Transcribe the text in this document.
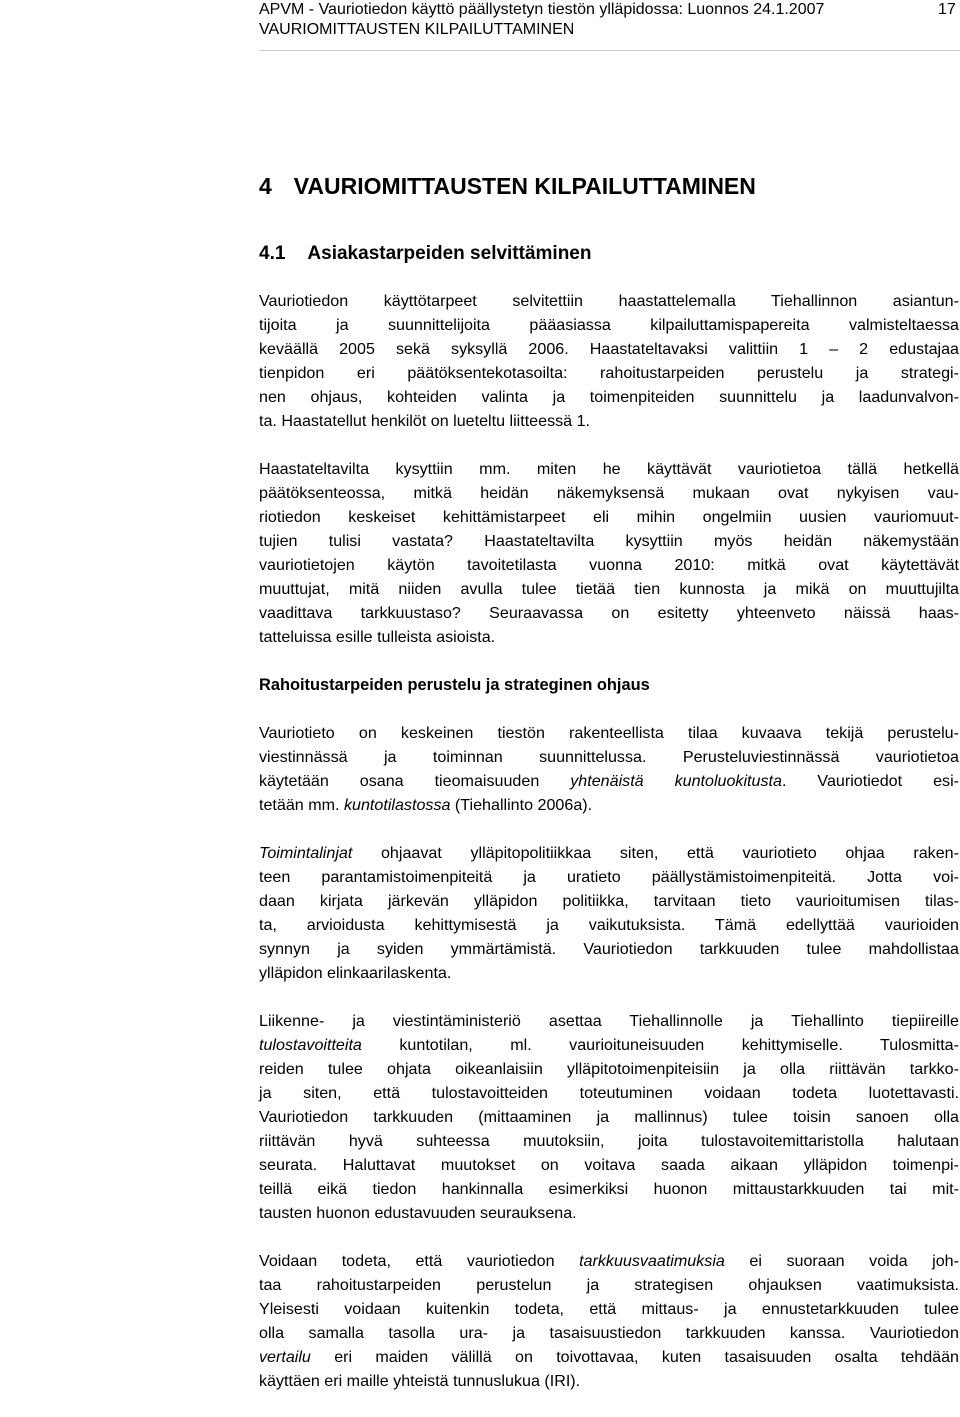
APVM - Vauriotiedon käyttö päällystetyn tiestön ylläpidossa: Luonnos 24.1.2007
VAURIOMITTAUSTEN KILPAILUTTAMINEN
17
4 VAURIOMITTAUSTEN KILPAILUTTAMINEN
4.1 Asiakastarpeiden selvittäminen

Vauriotiedon käyttötarpeet selvitettiin haastattelemalla Tiehallinnon asiantun-
tijoita ja suunnittelijoita pääasiassa kilpailuttamispapereita valmisteltaessa
keväällä 2005 sekä syksyllä 2006. Haastateltavaksi valittiin 1 – 2 edustajaa
tienpidon eri päätöksentekotasoilta: rahoitustarpeiden perustelu ja strategi-
nen ohjaus, kohteiden valinta ja toimenpiteiden suunnittelu ja laadunvalvon-
ta. Haastatellut henkilöt on lueteltu liitteessä 1.

Haastateltavilta kysyttiin mm. miten he käyttävät vauriotietoa tällä hetkellä
päätöksenteossa, mitkä heidän näkemyksensä mukaan ovat nykyisen vau-
riotiedon keskeiset kehittämistarpeet eli mihin ongelmiin uusien vauriomuut-
tujien tulisi vastata? Haastateltavilta kysyttiin myös heidän näkemystään
vauriotietojen käytön tavoitetilasta vuonna 2010: mitkä ovat käytettävät
muuttujat, mitä niiden avulla tulee tietää tien kunnosta ja mikä on muuttujilta
vaadittava tarkkuustaso? Seuraavassa on esitetty yhteenveto näissä haas-
tatteluissa esille tulleista asioista.

Rahoitustarpeiden perustelu ja strateginen ohjaus

Vauriotieto on keskeinen tiestön rakenteellista tilaa kuvaava tekijä perustelu-
viestinnässä ja toiminnan suunnittelussa. Perusteluviestinnässä vauriotietoa
käytetään osana tieomaisuuden yhtenäistä kuntoluokitusta. Vauriotiedot esi-
tetään mm. kuntotilastossa (Tiehallinto 2006a).

Toimintalinjat ohjaavat ylläpitopolitiikkaa siten, että vauriotieto ohjaa raken-
teen parantamistoimenpiteitä ja uratieto päällystämistoimenpiteitä. Jotta voi-
daan kirjata järkevän ylläpidon politiikka, tarvitaan tieto vaurioitumisen tilas-
ta, arvioidusta kehittymisestä ja vaikutuksista. Tämä edellyttää vaurioiden
synnyn ja syiden ymmärtämistä. Vauriotiedon tarkkuuden tulee mahdollistaa
ylläpidon elinkaarilaskenta.

Liikenne- ja viestintäministeriö asettaa Tiehallinnolle ja Tiehallinto tiepiireille
tulostavoitteita kuntotilan, ml. vaurioituneisuuden kehittymiselle. Tulosmitta-
reiden tulee ohjata oikeanlaisiin ylläpitotoimenpiteisiin ja olla riittävän tarkko-
ja siten, että tulostavoitteiden toteutuminen voidaan todeta luotettavasti.
Vauriotiedon tarkkuuden (mittaaminen ja mallinnus) tulee toisin sanoen olla
riittävän hyvä suhteessa muutoksiin, joita tulostavoitemittaristolla halutaan
seurata. Haluttavat muutokset on voitava saada aikaan ylläpidon toimenpi-
teillä eikä tiedon hankinnalla esimerkiksi huonon mittaustarkkuuden tai mit-
tausten huonon edustavuuden seurauksena.

Voidaan todeta, että vauriotiedon tarkkuusvaatimuksia ei suoraan voida joh-
taa rahoitustarpeiden perustelun ja strategisen ohjauksen vaatimuksista.
Yleisesti voidaan kuitenkin todeta, että mittaus- ja ennustetarkkuuden tulee
olla samalla tasolla ura- ja tasaisuustiedon tarkkuuden kanssa. Vauriotiedon
vertailu eri maiden välillä on toivottavaa, kuten tasaisuuden osalta tehdään
käyttäen eri maille yhteistä tunnuslukua (IRI).
